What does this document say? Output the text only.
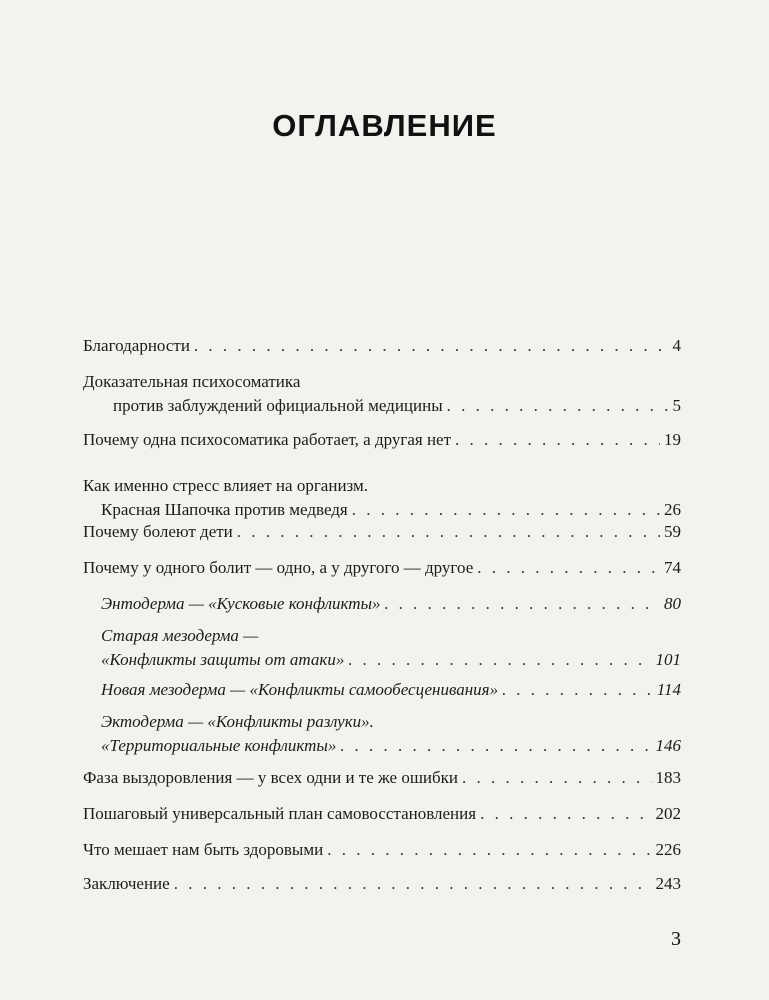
ОГЛАВЛЕНИЕ
Благодарности . . .	4
Доказательная психосоматика
против заблуждений официальной медицины . . .	5
Почему одна психосоматика работает, а другая нет . . .	19
Как именно стресс влияет на организм.
Красная Шапочка против медведя . . .	26
Почему болеют дети . . .	59
Почему у одного болит — одно, а у другого — другое . . .	74
Энтодерма — «Кусковые конфликты» . . .	80
Старая мезодерма —
«Конфликты защиты от атаки» . . .	101
Новая мезодерма — «Конфликты самообесценивания» . . .	114
Эктодерма — «Конфликты разлуки».
«Территориальные конфликты» . . .	146
Фаза выздоровления — у всех одни и те же ошибки . . .	183
Пошаговый универсальный план самовосстановления . . .	202
Что мешает нам быть здоровыми . . .	226
Заключение . . .	243
3
